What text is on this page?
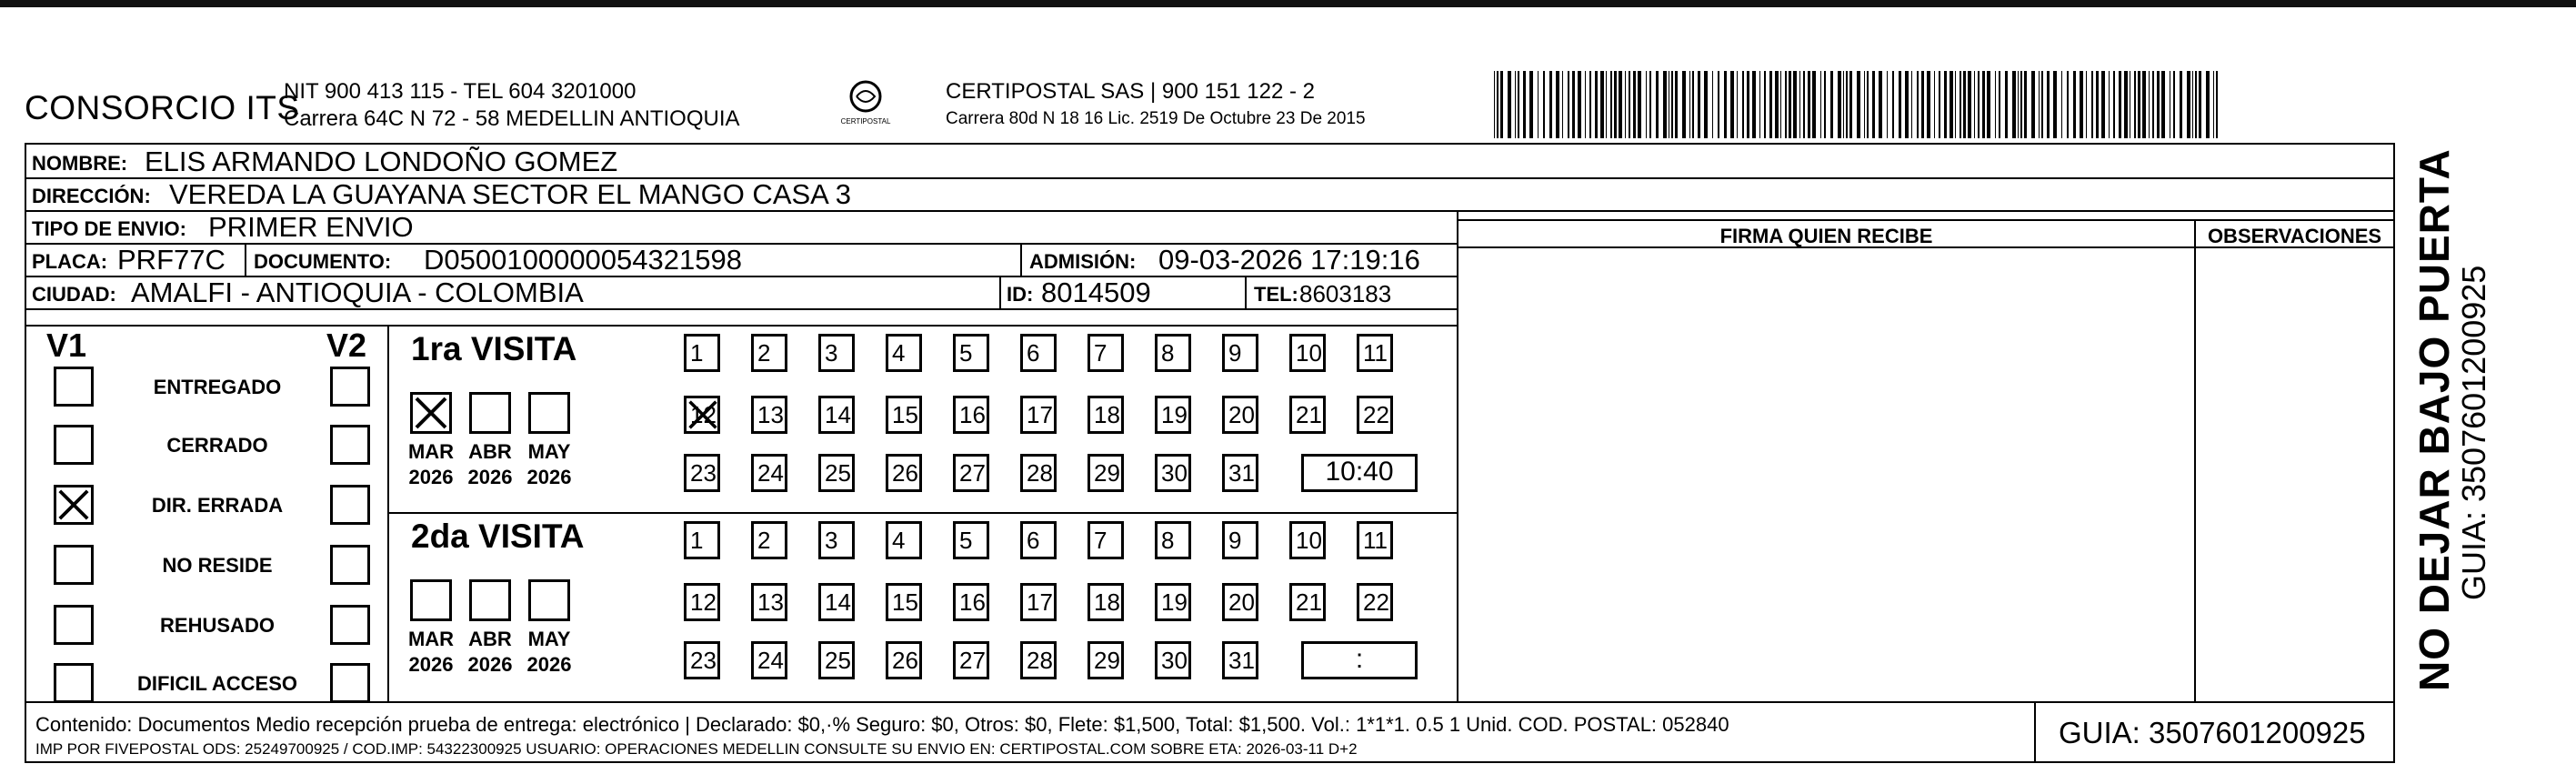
CONSORCIO ITS
NIT 900 413 115 - TEL 604 3201000
Carrera 64C N 72 - 58 MEDELLIN ANTIOQUIA	CERTIPOSTAL
CERTIPOSTAL SAS | 900 151 122 - 2
Carrera 80d N 18 16 Lic. 2519 De Octubre 23 De 2015
NOMBRE: ELIS ARMANDO LONDOÑO GOMEZ
DIRECCIÓN: VEREDA LA GUAYANA SECTOR EL MANGO CASA 3
TIPO DE ENVIO: PRIMER ENVIO	FIRMA QUIEN RECIBE	OBSERVACIONES
PLACA: PRF77C DOCUMENTO: D0500100000054321598	ADMISIÓN: 09-03-2026 17:19:16
CIUDAD: AMALFI - ANTIOQUIA - COLOMBIA	ID: 8014509	TEL: 8603183
V1	V2
ENTREGADO
CERRADO
DIR. ERRADA
NO RESIDE
REHUSADO
DIFICIL ACCESO
1ra VISITA
MAR
2026
ABR
2026
MAY
2026
1	2	3	4	5	6	7	8	9	10 11
12 13 14 15 16 17 18 19 20 21 22
23 24 25 26 27 28 29 30 31	10:40
2da VISITA
MAR
2026
ABR
2026
MAY
2026
1	2	3	4	5	6	7	8	9	10 11
12 13 14 15 16 17 18 19 20 21 22
23 24 25 26 27 28 29 30 31	:
Contenido: Documentos Medio recepción prueba de entrega: electrónico | Declarado: $0,·% Seguro: $0, Otros: $0, Flete: $1,500, Total: $1,500. Vol.: 1*1*1. 0.5 1 Unid. COD. POSTAL: 052840
IMP POR FIVEPOSTAL ODS: 25249700925 / COD.IMP: 54322300925 USUARIO: OPERACIONES MEDELLIN CONSULTE SU ENVIO EN: CERTIPOSTAL.COM SOBRE ETA: 2026-03-11 D+2	GUIA: 3507601200925
NO DEJAR BAJO PUERTA
GUIA: 3507601200925
